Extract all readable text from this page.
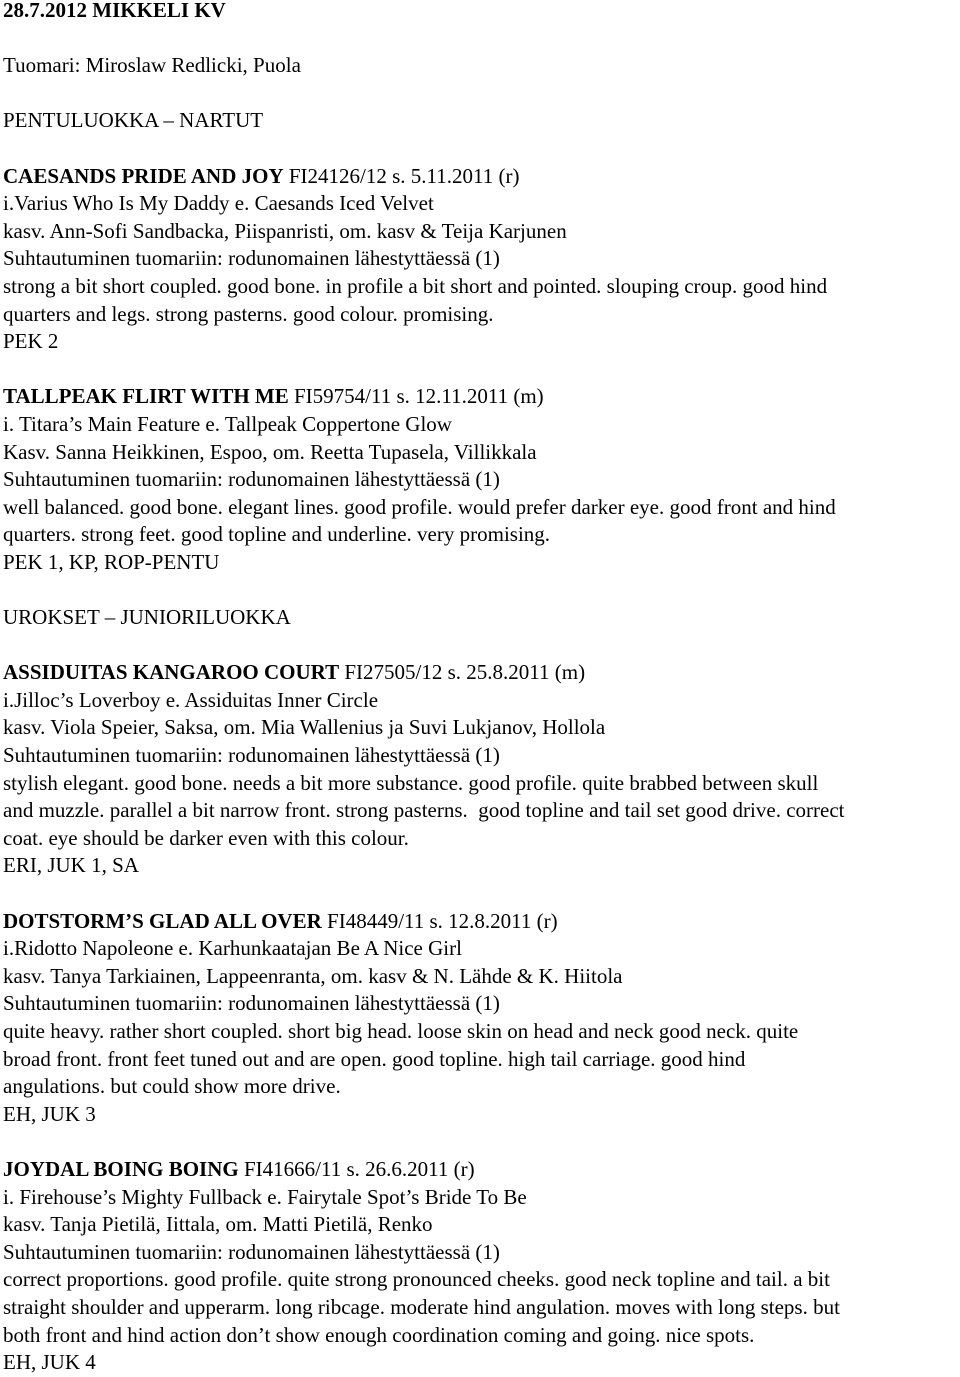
28.7.2012 MIKKELI KV
Tuomari: Miroslaw Redlicki, Puola
PENTULUOKKA – NARTUT
CAESANDS PRIDE AND JOY FI24126/12 s. 5.11.2011 (r)
i.Varius Who Is My Daddy e. Caesands Iced Velvet
kasv. Ann-Sofi Sandbacka, Piispanristi, om. kasv & Teija Karjunen
Suhtautuminen tuomariin: rodunomainen lähestyttäessä (1)
strong a bit short coupled. good bone. in profile a bit short and pointed. slouping croup. good hind
quarters and legs. strong pasterns. good colour. promising.
PEK 2
TALLPEAK FLIRT WITH ME FI59754/11 s. 12.11.2011 (m)
i. Titara’s Main Feature e. Tallpeak Coppertone Glow
Kasv. Sanna Heikkinen, Espoo, om. Reetta Tupasela, Villikkala
Suhtautuminen tuomariin: rodunomainen lähestyttäessä (1)
well balanced. good bone. elegant lines. good profile. would prefer darker eye. good front and hind
quarters. strong feet. good topline and underline. very promising.
PEK 1, KP, ROP-PENTU
UROKSET – JUNIORILUOKKA
ASSIDUITAS KANGAROO COURT FI27505/12 s. 25.8.2011 (m)
i.Jilloc’s Loverboy e. Assiduitas Inner Circle
kasv. Viola Speier, Saksa, om. Mia Wallenius ja Suvi Lukjanov, Hollola
Suhtautuminen tuomariin: rodunomainen lähestyttäessä (1)
stylish elegant. good bone. needs a bit more substance. good profile. quite brabbed between skull
and muzzle. parallel a bit narrow front. strong pasterns.  good topline and tail set good drive. correct
coat. eye should be darker even with this colour.
ERI, JUK 1, SA
DOTSTORM’S GLAD ALL OVER FI48449/11 s. 12.8.2011 (r)
i.Ridotto Napoleone e. Karhunkaatajan Be A Nice Girl
kasv. Tanya Tarkiainen, Lappeenranta, om. kasv & N. Lähde & K. Hiitola
Suhtautuminen tuomariin: rodunomainen lähestyttäessä (1)
quite heavy. rather short coupled. short big head. loose skin on head and neck good neck. quite
broad front. front feet tuned out and are open. good topline. high tail carriage. good hind
angulations. but could show more drive.
EH, JUK 3
JOYDAL BOING BOING FI41666/11 s. 26.6.2011 (r)
i. Firehouse’s Mighty Fullback e. Fairytale Spot’s Bride To Be
kasv. Tanja Pietilä, Iittala, om. Matti Pietilä, Renko
Suhtautuminen tuomariin: rodunomainen lähestyttäessä (1)
correct proportions. good profile. quite strong pronounced cheeks. good neck topline and tail. a bit
straight shoulder and upperarm. long ribcage. moderate hind angulation. moves with long steps. but
both front and hind action don’t show enough coordination coming and going. nice spots.
EH, JUK 4
